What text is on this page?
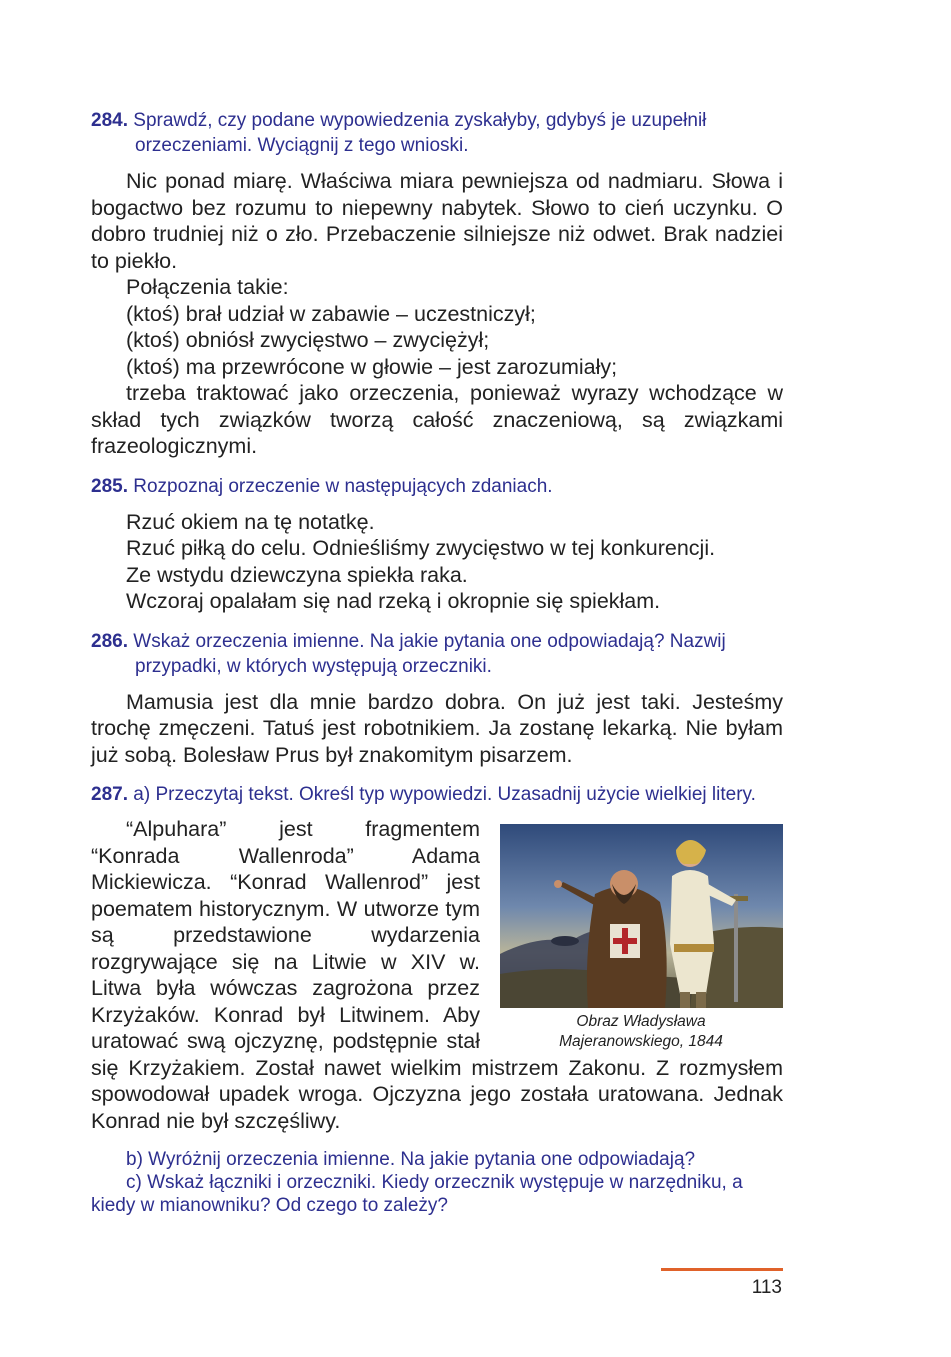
284. Sprawdź, czy podane wypowiedzenia zyskałyby, gdybyś je uzupełnił orzeczeniami. Wyciągnij z tego wnioski.

Nic ponad miarę. Właściwa miara pewniejsza od nadmiaru. Słowa i bogactwo bez rozumu to niepewny nabytek. Słowo to cień uczynku. O dobro trudniej niż o zło. Przebaczenie silniejsze niż odwet. Brak nadziei to piekło.

Połączenia takie:

(ktoś) brał udział w zabawie – uczestniczył;

(ktoś) obniósł zwycięstwo – zwyciężył;

(ktoś) ma przewrócone w głowie – jest zarozumiały;

trzeba traktować jako orzeczenia, ponieważ wyrazy wchodzące w skład tych związków tworzą całość znaczeniową, są związkami frazeologicznymi.

285. Rozpoznaj orzeczenie w następujących zdaniach.

Rzuć okiem na tę notatkę.

Rzuć piłką do celu. Odnieśliśmy zwycięstwo w tej konkurencji.

Ze wstydu dziewczyna spiekła raka.

Wczoraj opalałam się nad rzeką i okropnie się spiekłam.

286. Wskaż orzeczenia imienne. Na jakie pytania one odpowiadają? Nazwij przypadki, w których występują orzeczniki.

Mamusia jest dla mnie bardzo dobra. On już jest taki. Jesteśmy trochę zmęczeni. Tatuś jest robotnikiem. Ja zostanę lekarką. Nie byłam już sobą. Bolesław Prus był znakomitym pisarzem.

287. a) Przeczytaj tekst. Określ typ wypowiedzi. Uzasadnij użycie wielkiej litery.

Obraz Władysława
Majeranowskiego, 1844

“Alpuhara” jest fragmentem “Konrada Wallenroda” Adama Mickiewicza. “Konrad Wallenrod” jest poematem historycznym. W utworze tym są przedstawione wydarzenia rozgrywające się na Litwie w XIV w. Litwa była wówczas zagrożona przez Krzyżaków. Konrad był Litwinem. Aby uratować swą ojczyznę, podstępnie stał się Krzyżakiem. Został nawet wielkim mistrzem Zakonu. Z rozmysłem spowodował upadek wroga. Ojczyzna jego została uratowana. Jednak Konrad nie był szczęśliwy.

b) Wyróżnij orzeczenia imienne. Na jakie pytania one odpowiadają?

c) Wskaż łączniki i orzeczniki. Kiedy orzecznik występuje w narzędniku, a kiedy w mianowniku? Od czego to zależy?

113
